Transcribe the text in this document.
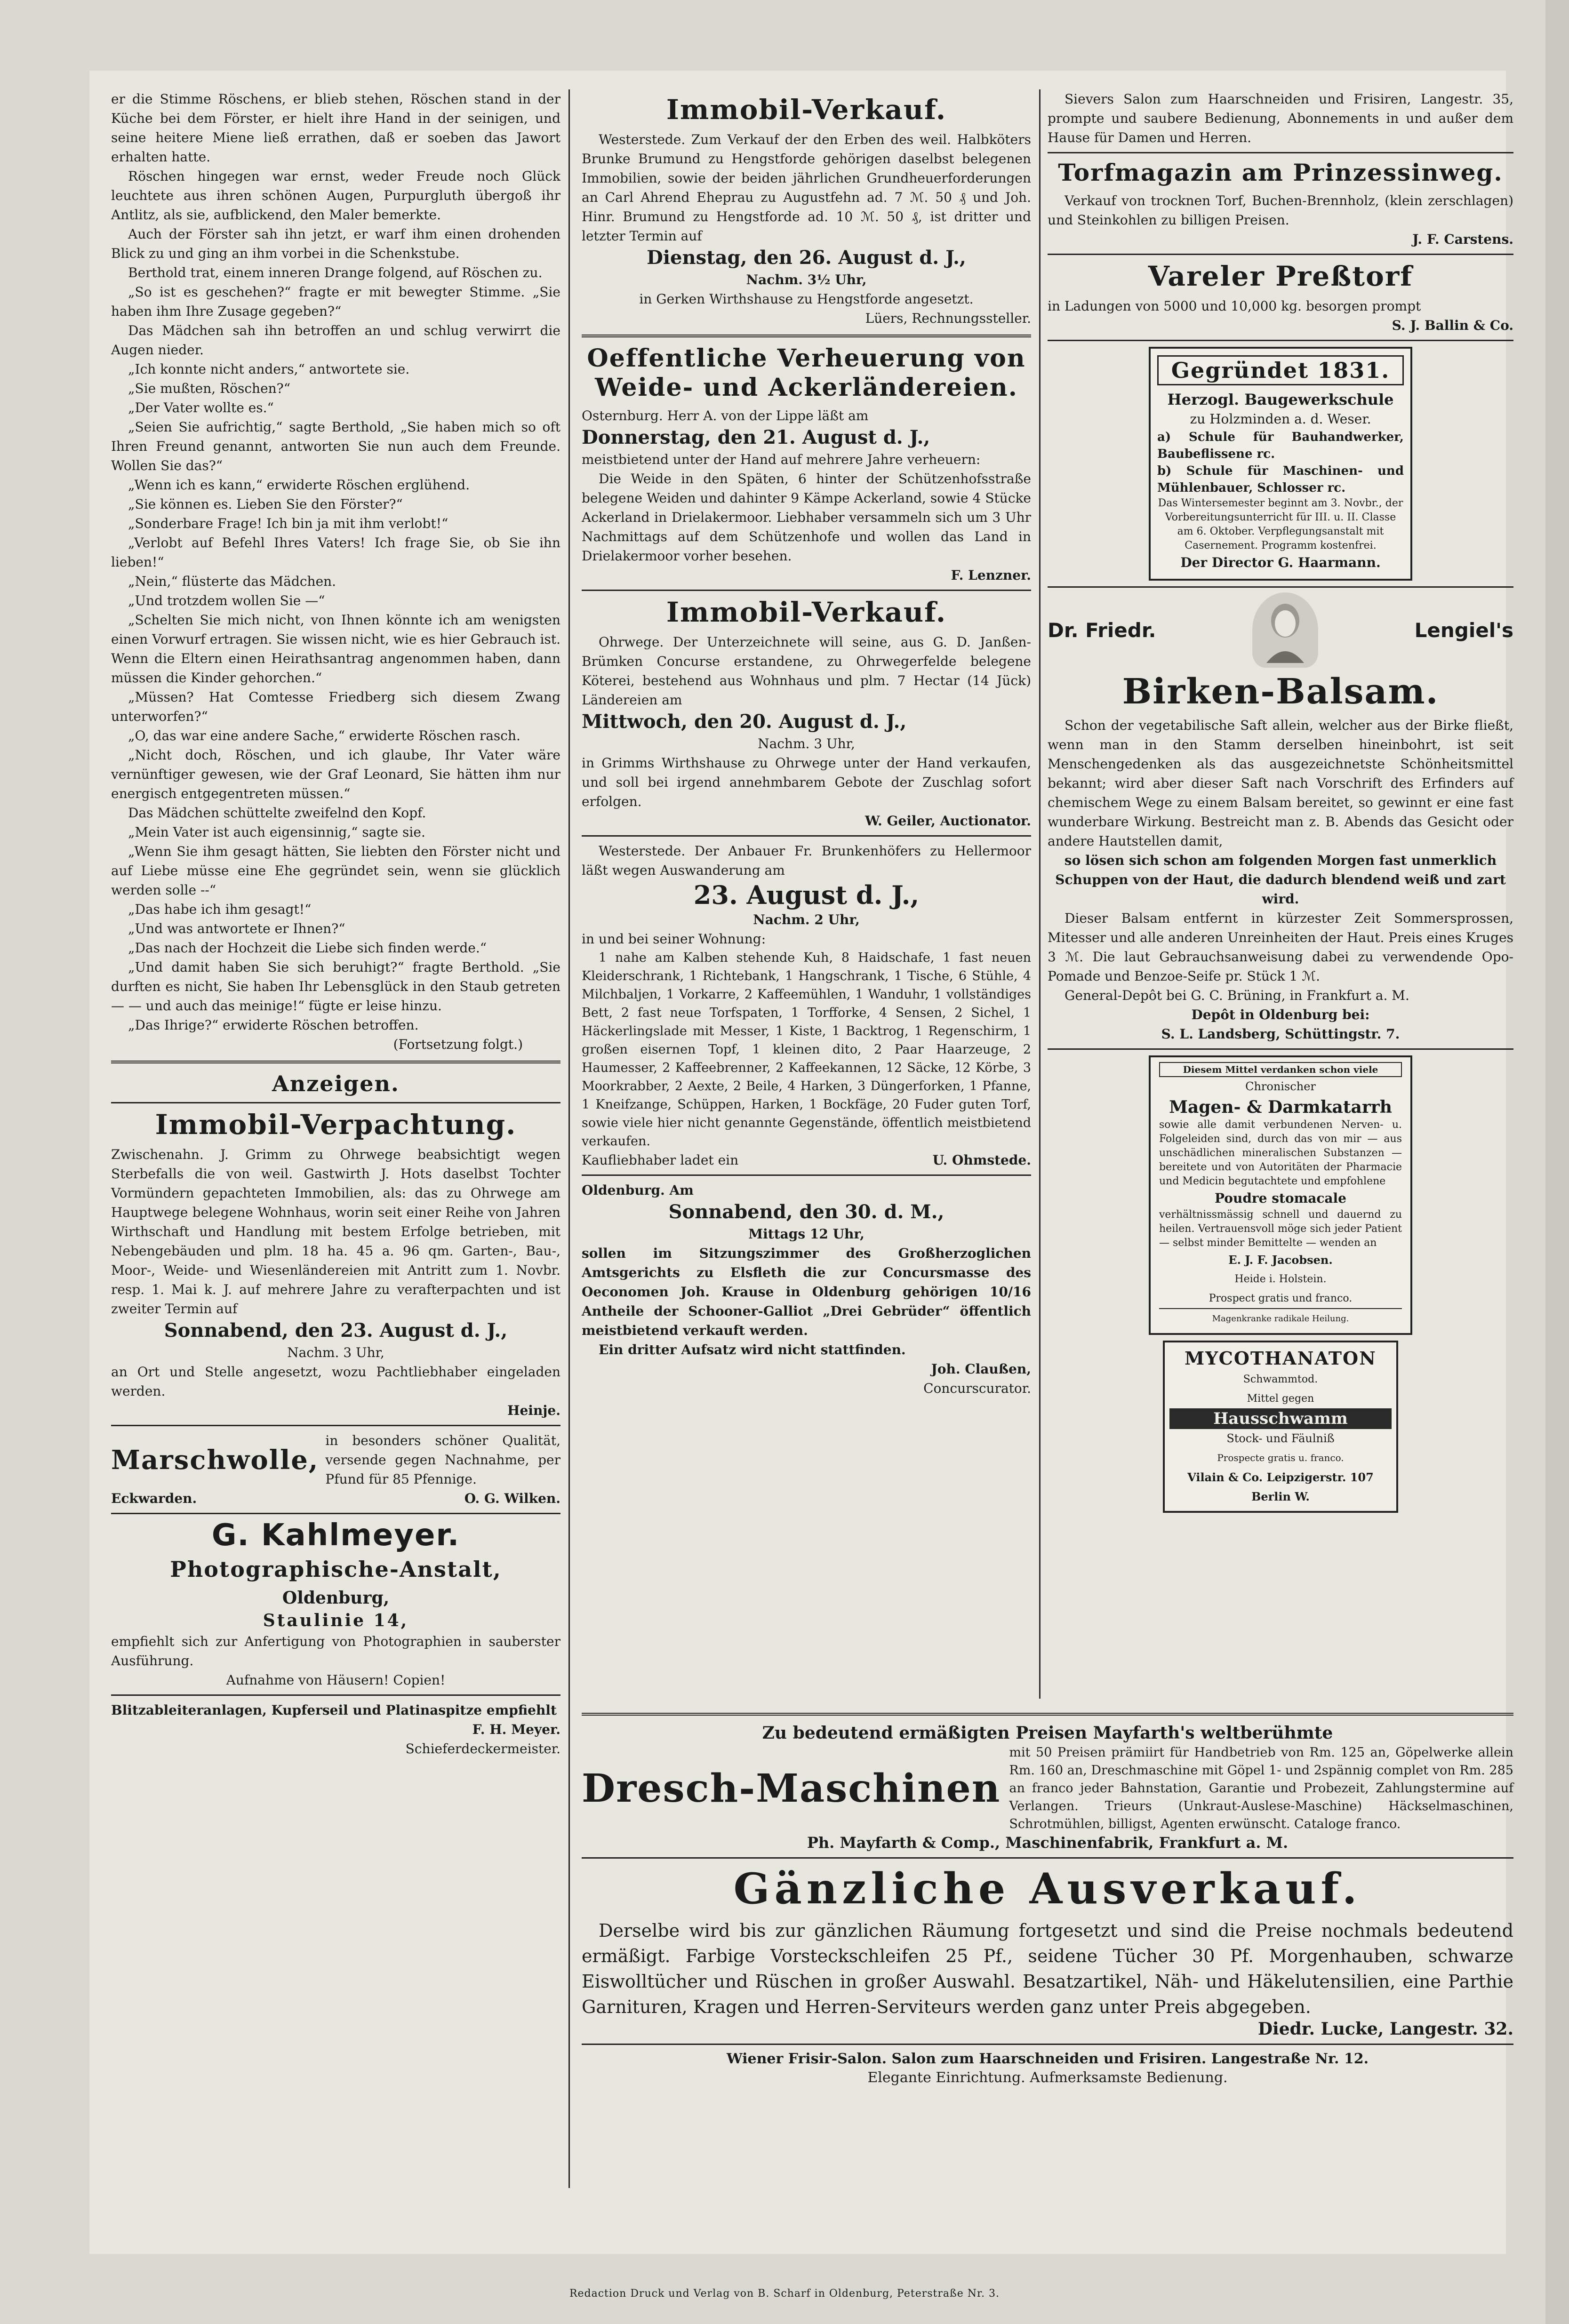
er die Stimme Röschens, er blieb stehen, Röschen stand in der Küche bei dem Förster, er hielt ihre Hand in der seinigen, und seine heitere Miene ließ errathen, daß er soeben das Jawort erhalten hatte.

Röschen hingegen war ernst, weder Freude noch Glück leuchtete aus ihren schönen Augen, Purpurgluth übergoß ihr Antlitz, als sie, aufblickend, den Maler bemerkte.

Auch der Förster sah ihn jetzt, er warf ihm einen drohenden Blick zu und ging an ihm vorbei in die Schenkstube.

Berthold trat, einem inneren Drange folgend, auf Röschen zu.

„So ist es geschehen?“ fragte er mit bewegter Stimme. „Sie haben ihm Ihre Zusage gegeben?“

Das Mädchen sah ihn betroffen an und schlug verwirrt die Augen nieder.

„Ich konnte nicht anders,“ antwortete sie.

„Sie mußten, Röschen?“

„Der Vater wollte es.“

„Seien Sie aufrichtig,“ sagte Berthold, „Sie haben mich so oft Ihren Freund genannt, antworten Sie nun auch dem Freunde. Wollen Sie das?“

„Wenn ich es kann,“ erwiderte Röschen erglühend.

„Sie können es. Lieben Sie den Förster?“

„Sonderbare Frage! Ich bin ja mit ihm verlobt!“

„Verlobt auf Befehl Ihres Vaters! Ich frage Sie, ob Sie ihn lieben!“

„Nein,“ flüsterte das Mädchen.

„Und trotzdem wollen Sie —“

„Schelten Sie mich nicht, von Ihnen könnte ich am wenigsten einen Vorwurf ertragen. Sie wissen nicht, wie es hier Gebrauch ist. Wenn die Eltern einen Heirathsantrag angenommen haben, dann müssen die Kinder gehorchen.“

„Müssen? Hat Comtesse Friedberg sich diesem Zwang unterworfen?“

„O, das war eine andere Sache,“ erwiderte Röschen rasch.

„Nicht doch, Röschen, und ich glaube, Ihr Vater wäre vernünftiger gewesen, wie der Graf Leonard, Sie hätten ihm nur energisch entgegentreten müssen.“

Das Mädchen schüttelte zweifelnd den Kopf.

„Mein Vater ist auch eigensinnig,“ sagte sie.

„Wenn Sie ihm gesagt hätten, Sie liebten den Förster nicht und auf Liebe müsse eine Ehe gegründet sein, wenn sie glücklich werden solle --“

„Das habe ich ihm gesagt!“

„Und was antwortete er Ihnen?“

„Das nach der Hochzeit die Liebe sich finden werde.“

„Und damit haben Sie sich beruhigt?“ fragte Berthold. „Sie durften es nicht, Sie haben Ihr Lebensglück in den Staub getreten — — und auch das meinige!“ fügte er leise hinzu.

„Das Ihrige?“ erwiderte Röschen betroffen.

(Fortsetzung folgt.)

Anzeigen.
Immobil-Verpachtung.

Zwischenahn. J. Grimm zu Ohrwege beabsichtigt wegen Sterbefalls die von weil. Gastwirth J. Hots daselbst Tochter Vormündern gepachteten Immobilien, als: das zu Ohrwege am Hauptwege belegene Wohnhaus, worin seit einer Reihe von Jahren Wirthschaft und Handlung mit bestem Erfolge betrieben, mit Nebengebäuden und plm. 18 ha. 45 a. 96 qm. Garten-, Bau-, Moor-, Weide- und Wiesenländereien mit Antritt zum 1. Novbr. resp. 1. Mai k. J. auf mehrere Jahre zu verafterpachten und ist zweiter Termin auf

Sonnabend, den 23. August d. J.,

Nachm. 3 Uhr,

an Ort und Stelle angesetzt, wozu Pachtliebhaber eingeladen werden.

Heinje.

Marschwolle,

in besonders schöner Qualität, versende gegen Nachnahme, per Pfund für 85 Pfennige.

Eckwarden.	O. G. Wilken.
G. Kahlmeyer.
Photographische-Anstalt,

Oldenburg,

Staulinie 14,

empfiehlt sich zur Anfertigung von Photographien in sauberster Ausführung.

Aufnahme von Häusern! Copien!

Blitzableiteranlagen, Kupferseil und Platinaspitze empfiehlt

F. H. Meyer.

Schieferdeckermeister.

Immobil-Verkauf.

Westerstede. Zum Verkauf der den Erben des weil. Halbköters Brunke Brumund zu Hengstforde gehörigen daselbst belegenen Immobilien, sowie der beiden jährlichen Grundheuerforderungen an Carl Ahrend Eheprau zu Augustfehn ad. 7 ℳ. 50 ₰ und Joh. Hinr. Brumund zu Hengstforde ad. 10 ℳ. 50 ₰, ist dritter und letzter Termin auf

Dienstag, den 26. August d. J.,

Nachm. 3½ Uhr,

in Gerken Wirthshause zu Hengstforde angesetzt.

Lüers, Rechnungssteller.

Oeffentliche Verheuerung von Weide- und Ackerländereien.

Osternburg. Herr A. von der Lippe läßt am

Donnerstag, den 21. August d. J.,

meistbietend unter der Hand auf mehrere Jahre verheuern:

Die Weide in den Späten, 6 hinter der Schützenhofsstraße belegene Weiden und dahinter 9 Kämpe Ackerland, sowie 4 Stücke Ackerland in Drielakermoor. Liebhaber versammeln sich um 3 Uhr Nachmittags auf dem Schützenhofe und wollen das Land in Drielakermoor vorher besehen.

F. Lenzner.

Immobil-Verkauf.

Ohrwege. Der Unterzeichnete will seine, aus G. D. Janßen-Brümken Concurse erstandene, zu Ohrwegerfelde belegene Köterei, bestehend aus Wohnhaus und plm. 7 Hectar (14 Jück) Ländereien am

Mittwoch, den 20. August d. J.,

Nachm. 3 Uhr,

in Grimms Wirthshause zu Ohrwege unter der Hand verkaufen, und soll bei irgend annehmbarem Gebote der Zuschlag sofort erfolgen.

W. Geiler, Auctionator.

Westerstede. Der Anbauer Fr. Brunkenhöfers zu Hellermoor läßt wegen Auswanderung am

23. August d. J.,

Nachm. 2 Uhr,

in und bei seiner Wohnung:

1 nahe am Kalben stehende Kuh, 8 Haidschafe, 1 fast neuen Kleiderschrank, 1 Richtebank, 1 Hangschrank, 1 Tische, 6 Stühle, 4 Milchbaljen, 1 Vorkarre, 2 Kaffeemühlen, 1 Wanduhr, 1 vollständiges Bett, 2 fast neue Torfspaten, 1 Torfforke, 4 Sensen, 2 Sichel, 1 Häckerlingslade mit Messer, 1 Kiste, 1 Backtrog, 1 Regenschirm, 1 großen eisernen Topf, 1 kleinen dito, 2 Paar Haarzeuge, 2 Haumesser, 2 Kaffeebrenner, 2 Kaffeekannen, 12 Säcke, 12 Körbe, 3 Moorkrabber, 2 Aexte, 2 Beile, 4 Harken, 3 Düngerforken, 1 Pfanne, 1 Kneifzange, Schüppen, Harken, 1 Bockfäge, 20 Fuder guten Torf, sowie viele hier nicht genannte Gegenstände, öffentlich meistbietend verkaufen.

Kaufliebhaber ladet ein	U. Ohmstede.

Oldenburg. Am

Sonnabend, den 30. d. M.,

Mittags 12 Uhr,

sollen im Sitzungszimmer des Großherzoglichen Amtsgerichts zu Elsfleth die zur Concursmasse des Oeconomen Joh. Krause in Oldenburg gehörigen 10/16 Antheile der Schooner-Galliot „Drei Gebrüder“ öffentlich meistbietend verkauft werden.

Ein dritter Aufsatz wird nicht stattfinden.

Joh. Claußen,

Concurscurator.

Sievers Salon zum Haarschneiden und Frisiren, Langestr. 35, prompte und saubere Bedienung, Abonnements in und außer dem Hause für Damen und Herren.

Torfmagazin am Prinzessinweg.

Verkauf von trocknen Torf, Buchen-Brennholz, (klein zerschlagen) und Steinkohlen zu billigen Preisen.

J. F. Carstens.

Vareler Preßtorf

in Ladungen von 5000 und 10,000 kg. besorgen prompt

S. J. Ballin & Co.

Gegründet 1831.

Herzogl. Baugewerkschule

zu Holzminden a. d. Weser.

a) Schule für Bauhandwerker, Baubeflissene rc.

b) Schule für Maschinen- und Mühlenbauer, Schlosser rc.

Das Wintersemester beginnt am 3. Novbr., der Vorbereitungsunterricht für III. u. II. Classe am 6. Oktober. Verpflegungsanstalt mit Casernement. Programm kostenfrei.

Der Director G. Haarmann.

Dr. Friedr.	Lengiel's
Birken-Balsam.

Schon der vegetabilische Saft allein, welcher aus der Birke fließt, wenn man in den Stamm derselben hineinbohrt, ist seit Menschengedenken als das ausgezeichnetste Schönheitsmittel bekannt; wird aber dieser Saft nach Vorschrift des Erfinders auf chemischem Wege zu einem Balsam bereitet, so gewinnt er eine fast wunderbare Wirkung. Bestreicht man z. B. Abends das Gesicht oder andere Hautstellen damit,

so lösen sich schon am folgenden Morgen fast unmerklich Schuppen von der Haut, die dadurch blendend weiß und zart wird.

Dieser Balsam entfernt in kürzester Zeit Sommersprossen, Mitesser und alle anderen Unreinheiten der Haut. Preis eines Kruges 3 ℳ. Die laut Gebrauchsanweisung dabei zu verwendende Opo-Pomade und Benzoe-Seife pr. Stück 1 ℳ.

General-Depôt bei G. C. Brüning, in Frankfurt a. M.

Depôt in Oldenburg bei:

S. L. Landsberg, Schüttingstr. 7.

Diesem Mittel verdanken schon viele

Chronischer

Magen- & Darmkatarrh

sowie alle damit verbundenen Nerven- u. Folgeleiden sind, durch das von mir — aus unschädlichen mineralischen Substanzen — bereitete und von Autoritäten der Pharmacie und Medicin begutachtete und empfohlene

Poudre stomacale

verhältnissmässig schnell und dauernd zu heilen. Vertrauensvoll möge sich jeder Patient — selbst minder Bemittelte — wenden an

E. J. F. Jacobsen.

Heide i. Holstein.

Prospect gratis und franco.

Magenkranke radikale Heilung.

MYCOTHANATON

Schwammtod.

Mittel gegen

Hausschwamm

Stock- und Fäulniß

Prospecte gratis u. franco.

Vilain & Co. Leipzigerstr. 107 Berlin W.

Zu bedeutend ermäßigten Preisen Mayfarth's weltberühmte

Dresch-Maschinen

mit 50 Preisen prämiirt für Handbetrieb von Rm. 125 an, Göpelwerke allein Rm. 160 an, Dreschmaschine mit Göpel 1- und 2spännig complet von Rm. 285 an franco jeder Bahnstation, Garantie und Probezeit, Zahlungstermine auf Verlangen. Trieurs (Unkraut-Auslese-Maschine) Häckselmaschinen, Schrotmühlen, billigst, Agenten erwünscht. Cataloge franco.

Ph. Mayfarth & Comp., Maschinenfabrik, Frankfurt a. M.

Gänzliche Ausverkauf.

Derselbe wird bis zur gänzlichen Räumung fortgesetzt und sind die Preise nochmals bedeutend ermäßigt. Farbige Vorsteckschleifen 25 Pf., seidene Tücher 30 Pf. Morgenhauben, schwarze Eiswolltücher und Rüschen in großer Auswahl. Besatzartikel, Näh- und Häkelutensilien, eine Parthie Garnituren, Kragen und Herren-Serviteurs werden ganz unter Preis abgegeben.

Diedr. Lucke, Langestr. 32.

Wiener Frisir-Salon. Salon zum Haarschneiden und Frisiren. Langestraße Nr. 12.

Elegante Einrichtung. Aufmerksamste Bedienung.

Redaction Druck und Verlag von B. Scharf in Oldenburg, Peterstraße Nr. 3.
